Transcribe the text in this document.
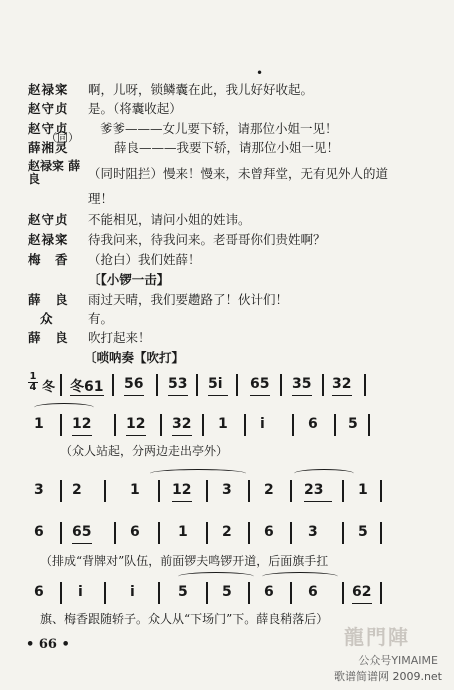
•
赵禄寀	啊，儿呀，锁鳞囊在此，我儿好好收起。
赵守贞	是。（将囊收起）
赵守贞	爹爹———女儿要下轿，请那位小姐一见！
（同）
薛湘灵	薛良———我要下轿，请那位小姐一见！
赵禄寀 薛 良	（同时阻拦）慢来！慢来，未曾拜堂，无有见外人的道
理！
赵守贞	不能相见，请问小姐的姓讳。
赵禄寀	待我问来，待我问来。老哥哥你们贵姓啊？
梅　香	（抢白）我们姓薛！
〔【小锣一击】
薛　良	雨过天晴，我们要趱路了！伙计们！
众	有。
薛　良	吹打起来！
〔唢呐奏【吹打】
1
4 冬 冬61 56 53 5i 65 35 32
1 12 12 32 1 i	6 5
（众人站起，分两边走出亭外）
3 2	1 12 3 2 23 1
6 65	6	1 2 6 3	5
（排成“背牌对”队伍，前面锣夫鸣锣开道，后面旗手扛
6 i	i	5 5 6 6 62
旗、梅香跟随轿子。众人从“下场门”下。薛良稍落后）
• 66 •	龍門陣
公众号YIMAIME
歌谱简谱网 2009.net
